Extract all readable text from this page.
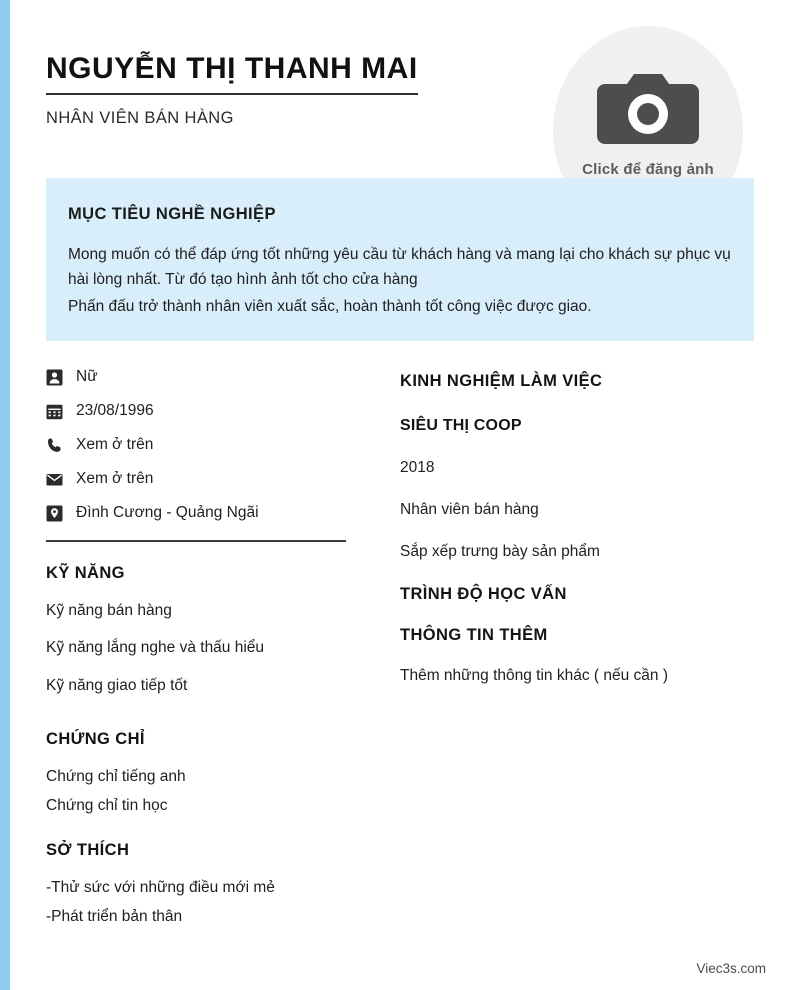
NGUYỄN THỊ THANH MAI
NHÂN VIÊN BÁN HÀNG
Click để đăng ảnh
MỤC TIÊU NGHỀ NGHIỆP

Mong muốn có thể đáp ứng tốt những yêu cầu từ khách hàng và mang lại cho khách sự phục vụ hài lòng nhất. Từ đó tạo hình ảnh tốt cho cửa hàng

Phấn đấu trở thành nhân viên xuất sắc, hoàn thành tốt công việc được giao.

Nữ
23/08/1996
Xem ở trên
Xem ở trên
Đình Cương - Quảng Ngãi
KỸ NĂNG
Kỹ năng bán hàng
Kỹ năng lắng nghe và thấu hiểu
Kỹ năng giao tiếp tốt
CHỨNG CHỈ
Chứng chỉ tiếng anh
Chứng chỉ tin học
SỞ THÍCH
-Thử sức với những điều mới mẻ
-Phát triển bản thân
KINH NGHIỆM LÀM VIỆC
SIÊU THỊ COOP
2018
Nhân viên bán hàng
Sắp xếp trưng bày sản phẩm
TRÌNH ĐỘ HỌC VẤN
THÔNG TIN THÊM
Thêm những thông tin khác ( nếu cần )
Viec3s.com
